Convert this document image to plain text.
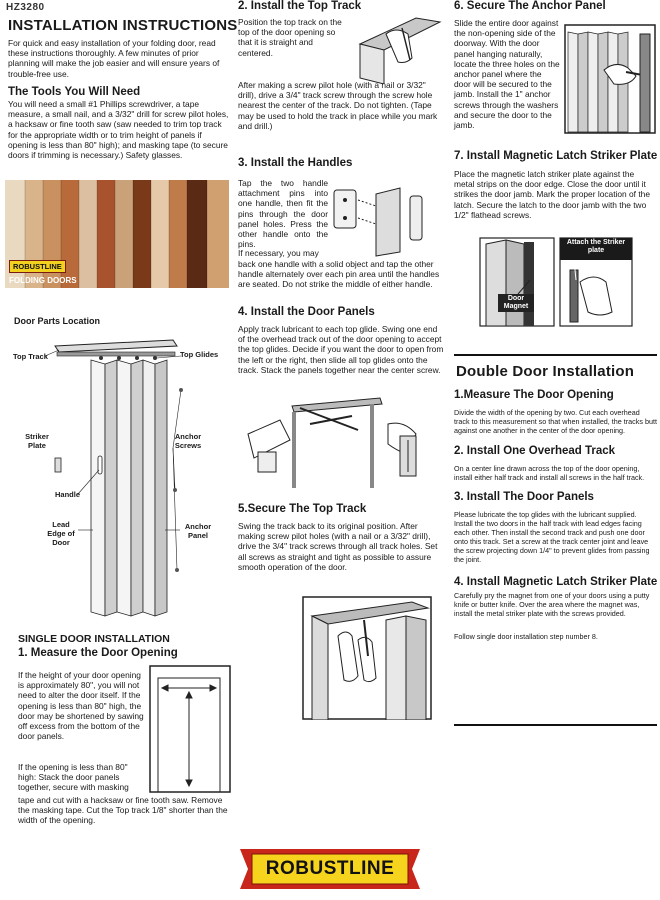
HZ3280
INSTALLATION INSTRUCTIONS

For quick and easy installation of your folding door, read these instructions thoroughly. A few minutes of prior planning will make the job easier and will ensure years of trouble-free use.

The Tools You Will Need

You will need a small #1 Phillips screwdriver, a tape measure, a small nail, and a 3/32" drill for screw pilot holes, a hacksaw or fine tooth saw (saw needed to trim top track for the appropriate width or to trim height of panels if opening is less than 80" high); and masking tape (to secure doors if trimming is necessary.) Safety glasses.

ROBUSTLINE
FOLDING DOORS
Door Parts Location
Top Track	Top Glides
Striker Plate
Anchor Screws
Handle
Lead Edge of Door
Anchor Panel
SINGLE DOOR INSTALLATION
1. Measure the Door Opening

If the height of your door opening is approximately 80", you will not need to alter the door itself. If the opening is less than 80" high, the door may be shortened by sawing off excess from the bottom of the door panels.

If the opening is less than 80" high: Stack the door panels together, secure with masking

tape and cut with a hacksaw or fine tooth saw. Remove the masking tape. Cut the Top track 1/8" shorter than the width of the opening.

2. Install the Top Track

Position the top track on the top of the door opening so that it is straight and centered.

After making a screw pilot hole (with a nail or 3/32" drill), drive a 3/4" track screw through the screw hole nearest the center of the track. Do not tighten. (Tape may be used to hold the track in place while you mark and drill.)

3. Install the Handles

Tap the two handle attachment pins into one handle, then fit the pins through the door panel holes. Press the other handle onto the pins.

If necessary, you may

back one handle with a solid object and tap the other handle alternately over each pin area until the handles are seated. Do not strike the middle of either handle.

4. Install the Door Panels

Apply track lubricant to each top glide. Swing one end of the overhead track out of the door opening to accept the top glides. Decide if you want the door to open from the left or the right, then slide all top glides onto the track. Stack the panels together near the center screw.

5.Secure The Top Track

Swing the track back to its original position. After making screw pilot holes (with a nail or a 3/32" drill), drive the 3/4" track screws through all track holes. Set all screws as straight and tight as possible to assure smooth operation of the door.

6. Secure The Anchor Panel

Slide the entire door against the non-opening side of the doorway. With the door panel hanging naturally, locate the three holes on the anchor panel where the door will be secured to the jamb. Install the 1" anchor screws through the washers and secure the door to the jamb.

7. Install Magnetic Latch Striker Plate

Place the magnetic latch striker plate against the metal strips on the door edge. Close the door until it strikes the door jamb. Mark the proper location of the latch. Secure the latch to the door jamb with the two 1/2" flathead screws.

Attach the Striker plate
Door Magnet
Double Door Installation
1.Measure The Door Opening

Divide the width of the opening by two. Cut each overhead track to this measurement so that when installed, the tracks butt against one another in the center of the door opening.

2. Install One Overhead Track

On a center line drawn across the top of the door opening, install either half track and install all screws in the half track.

3. Install The Door Panels

Please lubricate the top glides with the lubricant supplied. Install the two doors in the half track with lead edges facing each other. Then install the second track and push one door onto this track. Set a screw at the track center joint and leave the screw projecting down 1/4" to prevent glides from passing the joint.

4. Install Magnetic Latch Striker Plate

Carefully pry the magnet from one of your doors using a putty knife or butter knife. Over the area where the magnet was, install the metal striker plate with the screws provided.

Follow single door installation step number 8.

ROBUSTLINE
